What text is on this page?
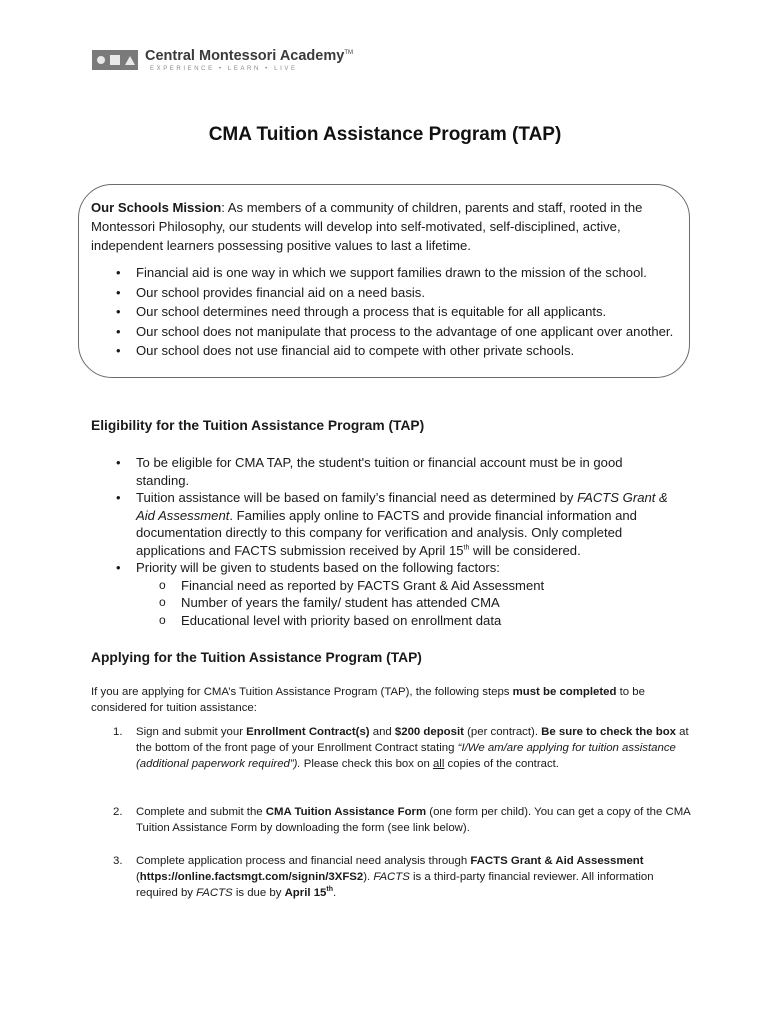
Central Montessori Academy™
EXPERIENCE • LEARN • LIVE
CMA Tuition Assistance Program (TAP)
Our Schools Mission: As members of a community of children, parents and staff, rooted in the Montessori Philosophy, our students will develop into self-motivated, self-disciplined, active, independent learners possessing positive values to last a lifetime.
• Financial aid is one way in which we support families drawn to the mission of the school.
• Our school provides financial aid on a need basis.
• Our school determines need through a process that is equitable for all applicants.
• Our school does not manipulate that process to the advantage of one applicant over another.
• Our school does not use financial aid to compete with other private schools.
Eligibility for the Tuition Assistance Program (TAP)
• To be eligible for CMA TAP, the student's tuition or financial account must be in good standing.
• Tuition assistance will be based on family’s financial need as determined by FACTS Grant & Aid Assessment. Families apply online to FACTS and provide financial information and documentation directly to this company for verification and analysis. Only completed applications and FACTS submission received by April 15th will be considered.
• Priority will be given to students based on the following factors:
o Financial need as reported by FACTS Grant & Aid Assessment
o Number of years the family/ student has attended CMA
o Educational level with priority based on enrollment data
Applying for the Tuition Assistance Program (TAP)
If you are applying for CMA’s Tuition Assistance Program (TAP), the following steps must be completed to be considered for tuition assistance:
1. Sign and submit your Enrollment Contract(s) and $200 deposit (per contract). Be sure to check the box at the bottom of the front page of your Enrollment Contract stating “I/We am/are applying for tuition assistance (additional paperwork required”). Please check this box on all copies of the contract.
2. Complete and submit the CMA Tuition Assistance Form (one form per child). You can get a copy of the CMA Tuition Assistance Form by downloading the form (see link below).
3. Complete application process and financial need analysis through FACTS Grant & Aid Assessment (https://online.factsmgt.com/signin/3XFS2). FACTS is a third-party financial reviewer. All information required by FACTS is due by April 15th.
